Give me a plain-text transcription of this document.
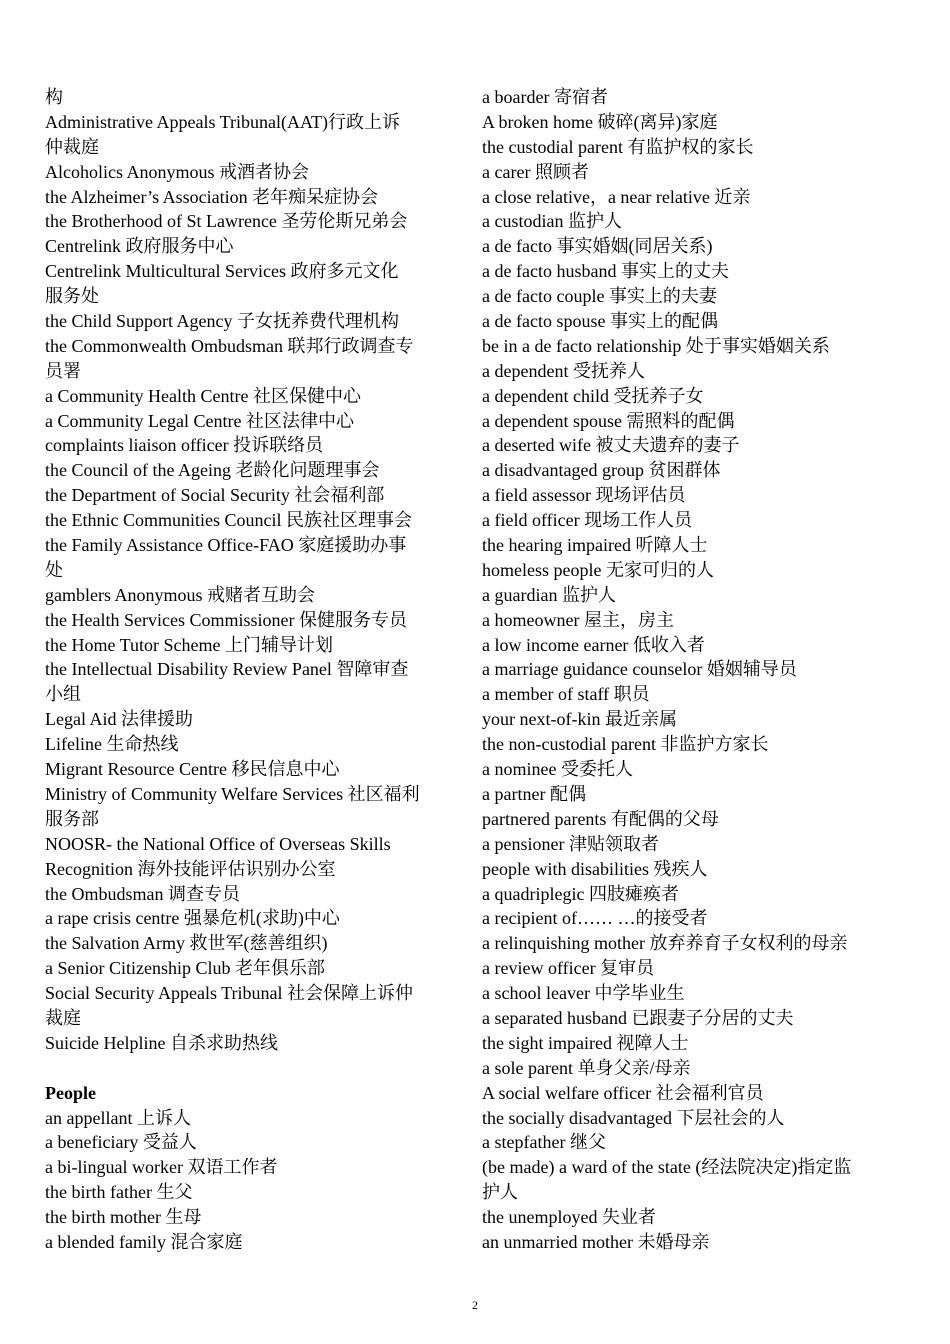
构
Administrative Appeals Tribunal(AAT)行政上诉
仲裁庭
Alcoholics Anonymous 戒酒者协会
the Alzheimer’s Association 老年痴呆症协会
the Brotherhood of St Lawrence 圣劳伦斯兄弟会
Centrelink 政府服务中心
Centrelink Multicultural Services 政府多元文化
服务处
the Child Support Agency 子女抚养费代理机构
the Commonwealth Ombudsman 联邦行政调查专
员署
a Community Health Centre 社区保健中心
a Community Legal Centre 社区法律中心
complaints liaison officer 投诉联络员
the Council of the Ageing 老龄化问题理事会
the Department of Social Security 社会福利部
the Ethnic Communities Council 民族社区理事会
the Family Assistance Office-FAO 家庭援助办事
处
gamblers Anonymous 戒赌者互助会
the Health Services Commissioner 保健服务专员
the Home Tutor Scheme 上门辅导计划
the Intellectual Disability Review Panel 智障审查
小组
Legal Aid 法律援助
Lifeline 生命热线
Migrant Resource Centre 移民信息中心
Ministry of Community Welfare Services 社区福利
服务部
NOOSR- the National Office of Overseas Skills
Recognition 海外技能评估识别办公室
the Ombudsman 调查专员
a rape crisis centre 强暴危机(求助)中心
the Salvation Army 救世军(慈善组织)
a Senior Citizenship Club 老年俱乐部
Social Security Appeals Tribunal 社会保障上诉仲
裁庭
Suicide Helpline 自杀求助热线
People
an appellant 上诉人
a beneficiary 受益人
a bi-lingual worker 双语工作者
the birth father 生父
the birth mother 生母
a blended family 混合家庭
a boarder 寄宿者
A broken home 破碎(离异)家庭
the custodial parent 有监护权的家长
a carer 照顾者
a close relative，a near relative 近亲
a custodian 监护人
a de facto 事实婚姻(同居关系)
a de facto husband 事实上的丈夫
a de facto couple 事实上的夫妻
a de facto spouse 事实上的配偶
be in a de facto relationship 处于事实婚姻关系
a dependent 受抚养人
a dependent child 受抚养子女
a dependent spouse 需照料的配偶
a deserted wife 被丈夫遗弃的妻子
a disadvantaged group 贫困群体
a field assessor 现场评估员
a field officer 现场工作人员
the hearing impaired 听障人士
homeless people 无家可归的人
a guardian 监护人
a homeowner 屋主，房主
a low income earner 低收入者
a marriage guidance counselor 婚姻辅导员
a member of staff 职员
your next-of-kin 最近亲属
the non-custodial parent 非监护方家长
a nominee 受委托人
a partner 配偶
partnered parents 有配偶的父母
a pensioner 津贴领取者
people with disabilities 残疾人
a quadriplegic 四肢瘫痪者
a recipient of…… …的接受者
a relinquishing mother 放弃养育子女权利的母亲
a review officer 复审员
a school leaver 中学毕业生
a separated husband 已跟妻子分居的丈夫
the sight impaired 视障人士
a sole parent 单身父亲/母亲
A social welfare officer 社会福利官员
the socially disadvantaged 下层社会的人
a stepfather 继父
(be made) a ward of the state (经法院决定)指定监
护人
the unemployed 失业者
an unmarried mother 未婚母亲
2
